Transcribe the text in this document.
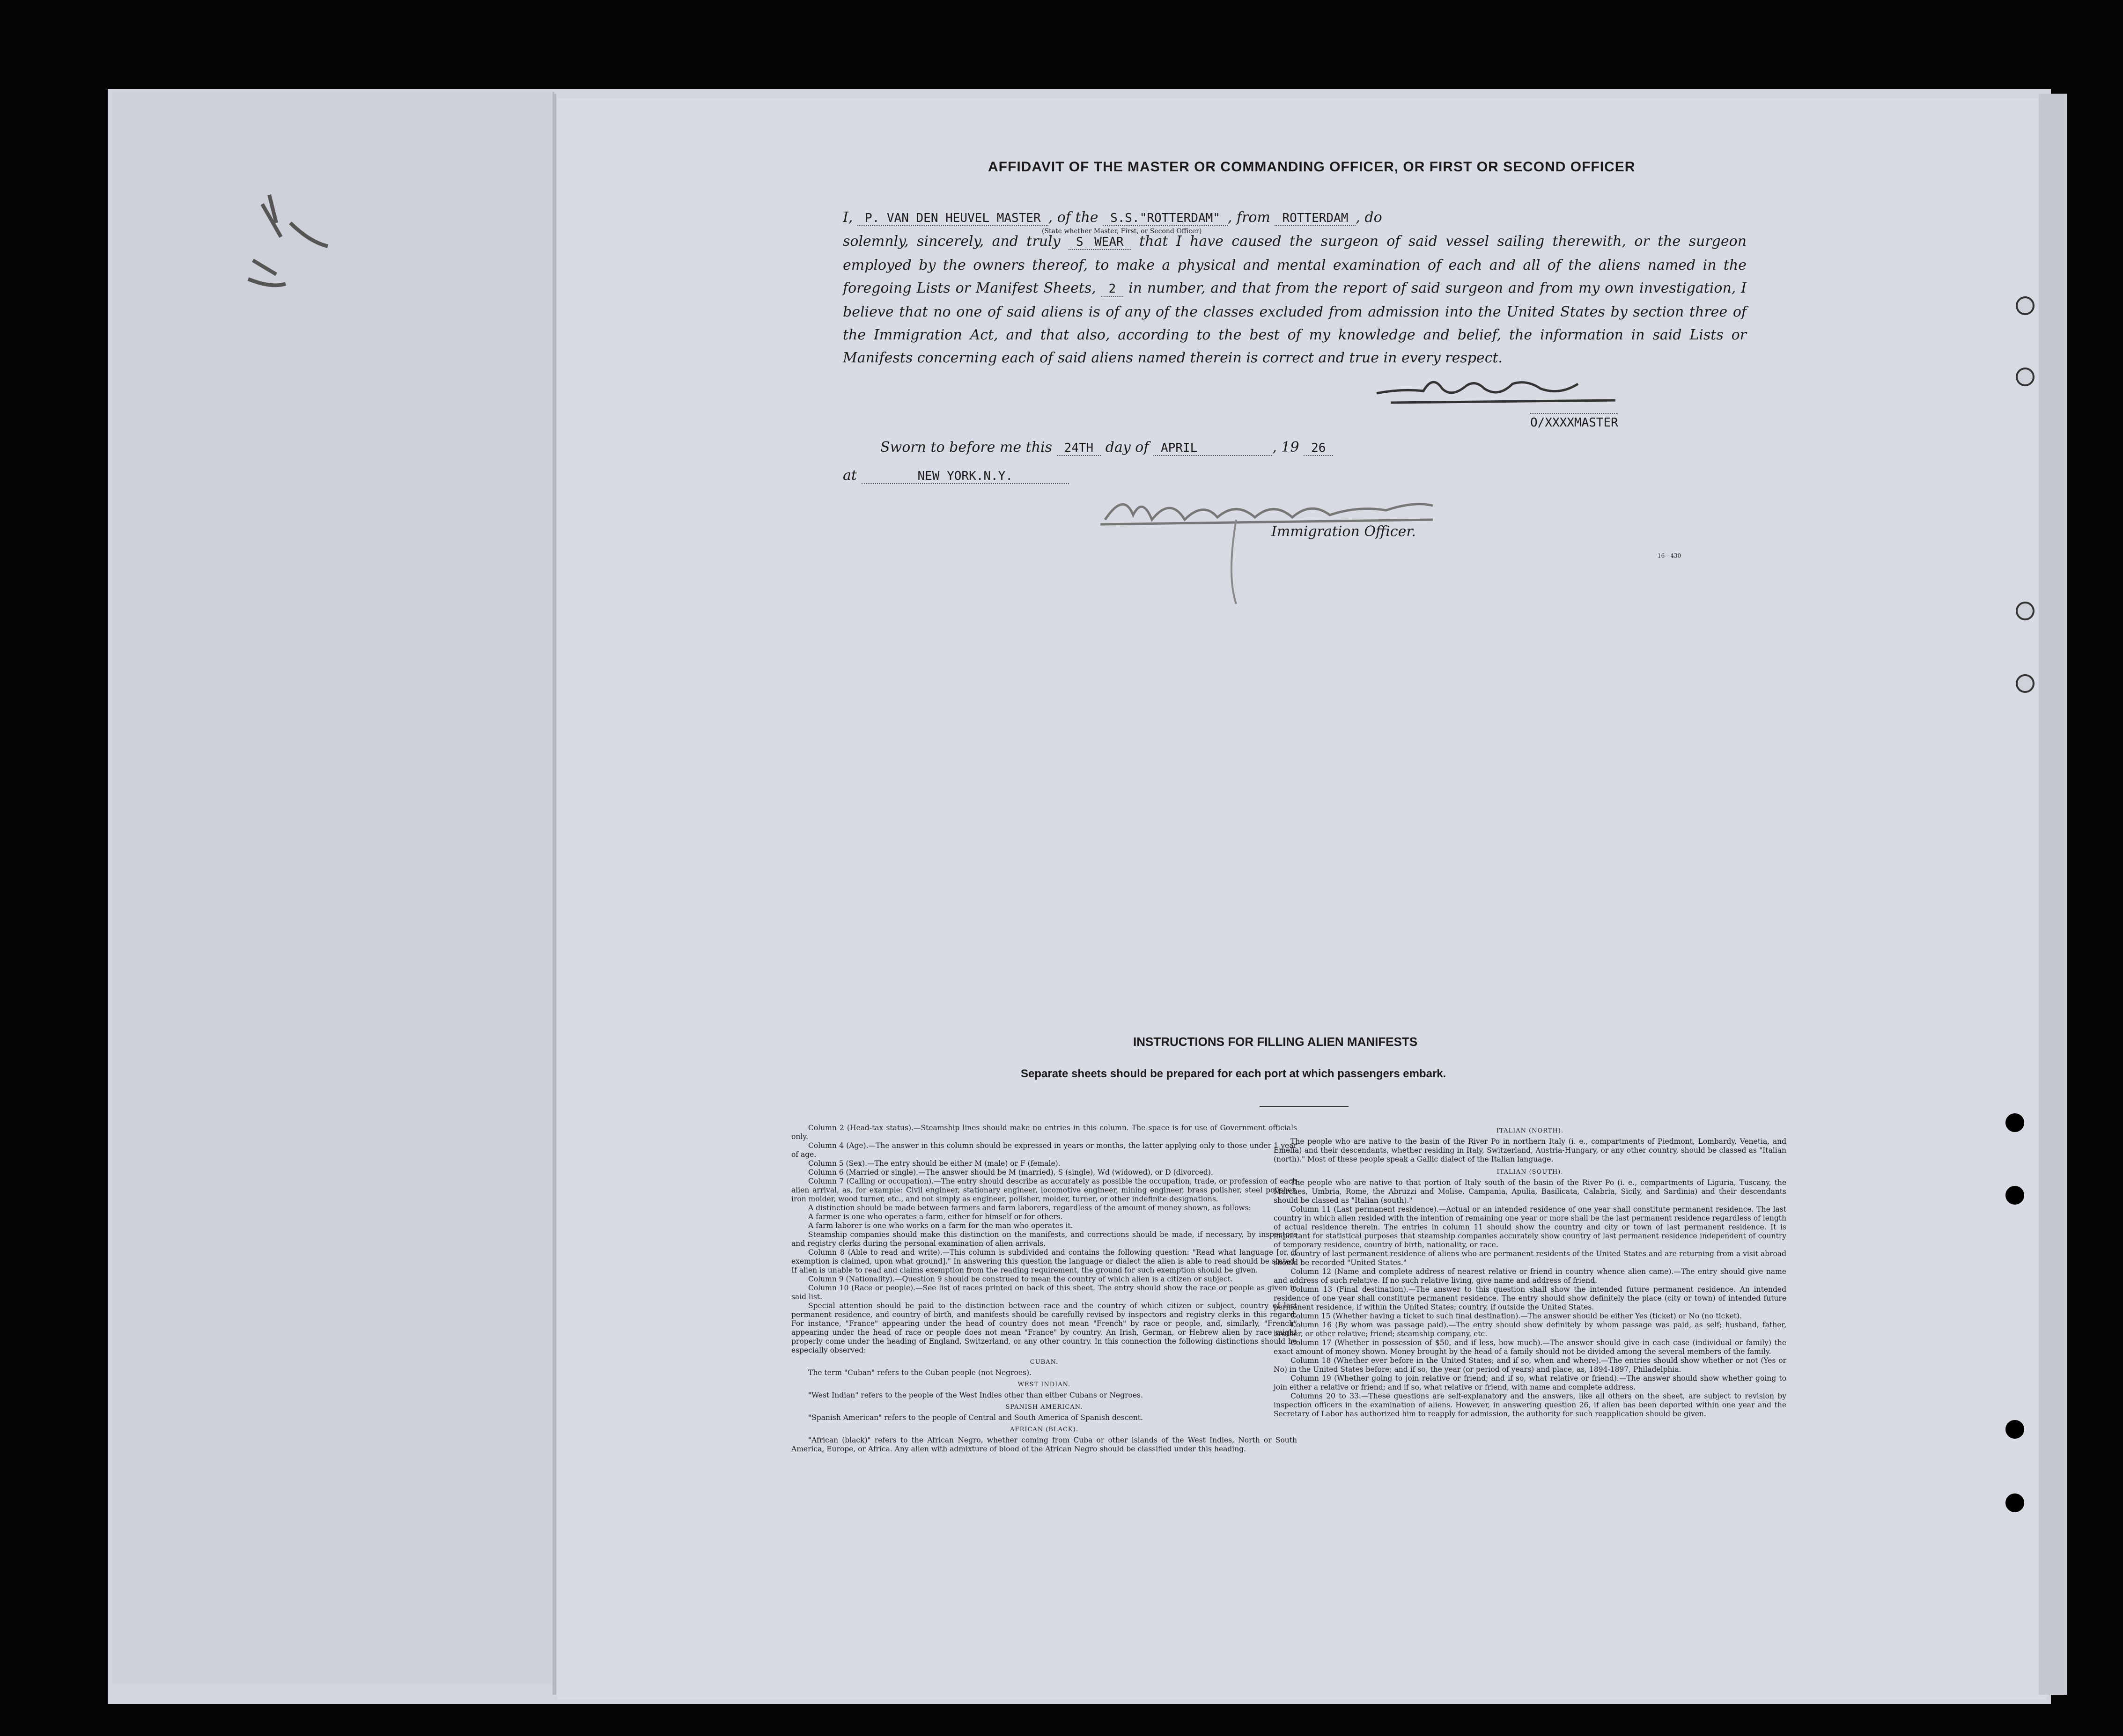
AFFIDAVIT OF THE MASTER OR COMMANDING OFFICER, OR FIRST OR SECOND OFFICER
I, P. VAN DEN HEUVEL MASTER , of the S.S."ROTTERDAM" , from ROTTERDAM , do
solemnly, sincerely, and truly S WEAR that I have caused the surgeon of said vessel sailing therewith, or the surgeon employed by the owners thereof, to make a physical and mental examination of each and all of the aliens named in the foregoing Lists or Manifest Sheets, 2 in number, and that from the report of said surgeon and from my own investigation, I believe that no one of said aliens is of any of the classes excluded from admission into the United States by section three of the Immigration Act, and that also, according to the best of my knowledge and belief, the information in said Lists or Manifests concerning each of said aliens named therein is correct and true in every respect.
(State whether Master, First, or Second Officer)
O/XXXXMASTER
Sworn to before me this 24TH day of APRIL	, 19 26
at	NEW YORK.N.Y.
Immigration Officer.
16—430
INSTRUCTIONS FOR FILLING ALIEN MANIFESTS
Separate sheets should be prepared for each port at which passengers embark.

Column 2 (Head-tax status).—Steamship lines should make no entries in this column. The space is for use of Government officials only.

Column 4 (Age).—The answer in this column should be expressed in years or months, the latter applying only to those under 1 year of age.

Column 5 (Sex).—The entry should be either M (male) or F (female).

Column 6 (Married or single).—The answer should be M (married), S (single), Wd (widowed), or D (divorced).

Column 7 (Calling or occupation).—The entry should describe as accurately as possible the occupation, trade, or profession of each alien arrival, as, for example: Civil engineer, stationary engineer, locomotive engineer, mining engineer, brass polisher, steel polisher, iron molder, wood turner, etc., and not simply as engineer, polisher, molder, turner, or other indefinite designations.

A distinction should be made between farmers and farm laborers, regardless of the amount of money shown, as follows:

A farmer is one who operates a farm, either for himself or for others.

A farm laborer is one who works on a farm for the man who operates it.

Steamship companies should make this distinction on the manifests, and corrections should be made, if necessary, by inspectors and registry clerks during the personal examination of alien arrivals.

Column 8 (Able to read and write).—This column is subdivided and contains the following question: "Read what language [or, if exemption is claimed, upon what ground]." In answering this question the language or dialect the alien is able to read should be stated. If alien is unable to read and claims exemption from the reading requirement, the ground for such exemption should be given.

Column 9 (Nationality).—Question 9 should be construed to mean the country of which alien is a citizen or subject.

Column 10 (Race or people).—See list of races printed on back of this sheet. The entry should show the race or people as given in said list.

Special attention should be paid to the distinction between race and the country of which citizen or subject, country of last permanent residence, and country of birth, and manifests should be carefully revised by inspectors and registry clerks in this regard. For instance, "France" appearing under the head of country does not mean "French" by race or people, and, similarly, "French" appearing under the head of race or people does not mean "France" by country. An Irish, German, or Hebrew alien by race might properly come under the heading of England, Switzerland, or any other country. In this connection the following distinctions should be especially observed:

CUBAN.

The term "Cuban" refers to the Cuban people (not Negroes).

WEST INDIAN.

"West Indian" refers to the people of the West Indies other than either Cubans or Negroes.

SPANISH AMERICAN.

"Spanish American" refers to the people of Central and South America of Spanish descent.

AFRICAN (BLACK).

"African (black)" refers to the African Negro, whether coming from Cuba or other islands of the West Indies, North or South America, Europe, or Africa. Any alien with admixture of blood of the African Negro should be classified under this heading.

ITALIAN (NORTH).

The people who are native to the basin of the River Po in northern Italy (i. e., compartments of Piedmont, Lombardy, Venetia, and Emelia) and their descendants, whether residing in Italy, Switzerland, Austria-Hungary, or any other country, should be classed as "Italian (north)." Most of these people speak a Gallic dialect of the Italian language.

ITALIAN (SOUTH).

The people who are native to that portion of Italy south of the basin of the River Po (i. e., compartments of Liguria, Tuscany, the Marches, Umbria, Rome, the Abruzzi and Molise, Campania, Apulia, Basilicata, Calabria, Sicily, and Sardinia) and their descendants should be classed as "Italian (south)."

Column 11 (Last permanent residence).—Actual or an intended residence of one year shall constitute permanent residence. The last country in which alien resided with the intention of remaining one year or more shall be the last permanent residence regardless of length of actual residence therein. The entries in column 11 should show the country and city or town of last permanent residence. It is important for statistical purposes that steamship companies accurately show country of last permanent residence independent of country of temporary residence, country of birth, nationality, or race.

Country of last permanent residence of aliens who are permanent residents of the United States and are returning from a visit abroad should be recorded "United States."

Column 12 (Name and complete address of nearest relative or friend in country whence alien came).—The entry should give name and address of such relative. If no such relative living, give name and address of friend.

Column 13 (Final destination).—The answer to this question shall show the intended future permanent residence. An intended residence of one year shall constitute permanent residence. The entry should show definitely the place (city or town) of intended future permanent residence, if within the United States; country, if outside the United States.

Column 15 (Whether having a ticket to such final destination).—The answer should be either Yes (ticket) or No (no ticket).

Column 16 (By whom was passage paid).—The entry should show definitely by whom passage was paid, as self; husband, father, brother, or other relative; friend; steamship company, etc.

Column 17 (Whether in possession of $50, and if less, how much).—The answer should give in each case (individual or family) the exact amount of money shown. Money brought by the head of a family should not be divided among the several members of the family.

Column 18 (Whether ever before in the United States; and if so, when and where).—The entries should show whether or not (Yes or No) in the United States before; and if so, the year (or period of years) and place, as, 1894-1897, Philadelphia.

Column 19 (Whether going to join relative or friend; and if so, what relative or friend).—The answer should show whether going to join either a relative or friend; and if so, what relative or friend, with name and complete address.

Columns 20 to 33.—These questions are self-explanatory and the answers, like all others on the sheet, are subject to revision by inspection officers in the examination of aliens. However, in answering question 26, if alien has been deported within one year and the Secretary of Labor has authorized him to reapply for admission, the authority for such reapplication should be given.
